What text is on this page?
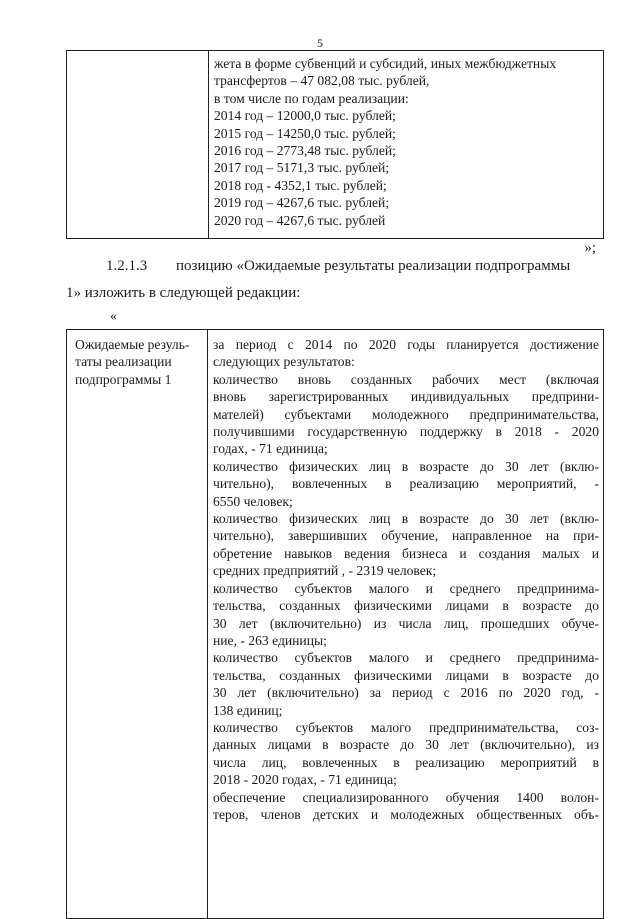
5
жета в форме субвенций и субсидий, иных межбюджетных
трансфертов – 47 082,08 тыс. рублей,
в том числе по годам реализации:
2014 год – 12000,0 тыс. рублей;
2015 год – 14250,0 тыс. рублей;
2016 год – 2773,48 тыс. рублей;
2017 год – 5171,3 тыс. рублей;
2018 год - 4352,1 тыс. рублей;
2019 год – 4267,6 тыс. рублей;
2020 год – 4267,6 тыс. рублей
»;
1.2.1.3 позицию «Ожидаемые результаты реализации подпрограммы
1» изложить в следующей редакции:
«
Ожидаемые резуль-
таты реализации
подпрограммы 1
за период с 2014 по 2020 годы планируется достижение
следующих результатов:
количество вновь созданных рабочих мест (включая
вновь зарегистрированных индивидуальных предприни-
мателей) субъектами молодежного предпринимательства,
получившими государственную поддержку в 2018 - 2020
годах, - 71 единица;
количество физических лиц в возрасте до 30 лет (вклю-
чительно), вовлеченных в реализацию мероприятий, -
6550 человек;
количество физических лиц в возрасте до 30 лет (вклю-
чительно), завершивших обучение, направленное на при-
обретение навыков ведения бизнеса и создания малых и
средних предприятий , - 2319 человек;
количество субъектов малого и среднего предпринима-
тельства, созданных физическими лицами в возрасте до
30 лет (включительно) из числа лиц, прошедших обуче-
ние, - 263 единицы;
количество субъектов малого и среднего предпринима-
тельства, созданных физическими лицами в возрасте до
30 лет (включительно) за период с 2016 по 2020 год, -
138 единиц;
количество субъектов малого предпринимательства, соз-
данных лицами в возрасте до 30 лет (включительно), из
числа лиц, вовлеченных в реализацию мероприятий в
2018 - 2020 годах, - 71 единица;
обеспечение специализированного обучения 1400 волон-
теров, членов детских и молодежных общественных объ-
